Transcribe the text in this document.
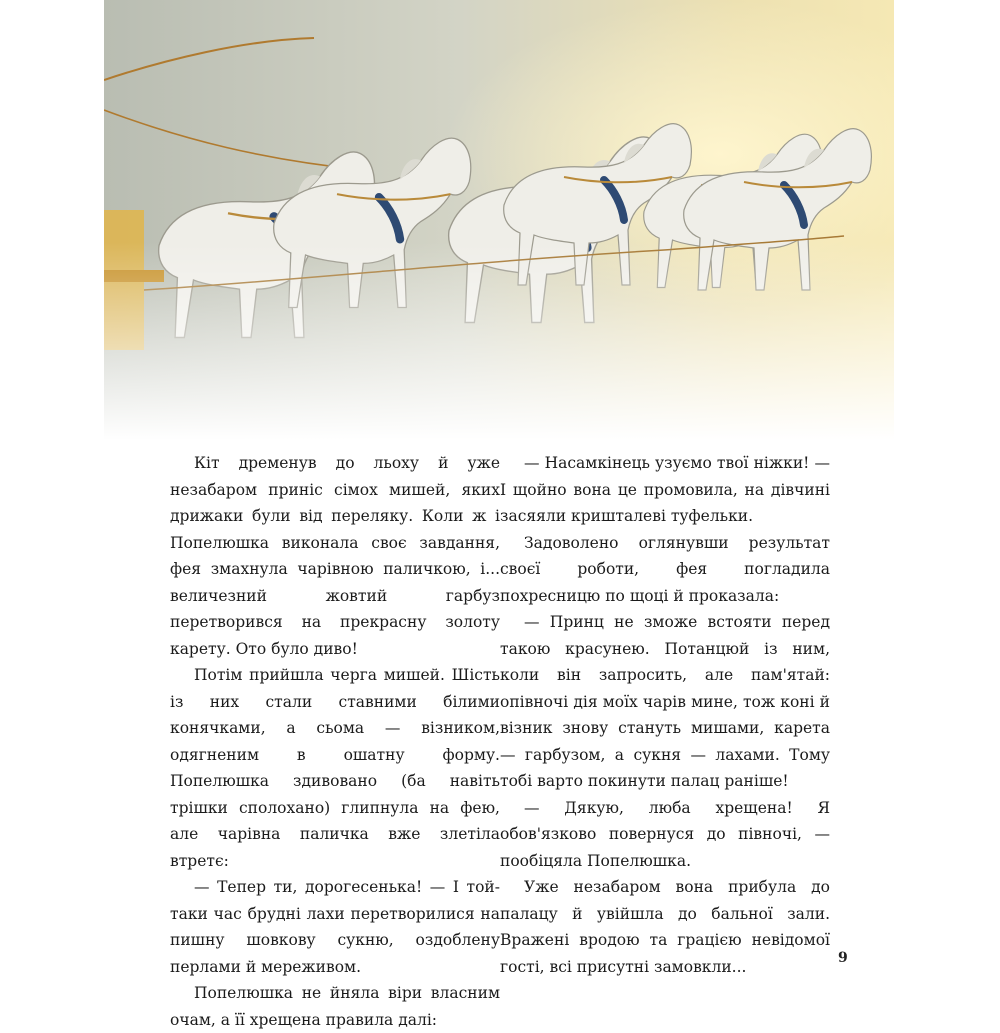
Кіт дременув до льоху й уже незабаром приніс сімох мишей, яких дрижаки були від переляку. Коли ж і Попелюшка виконала своє завдання, фея змахнула чарівною паличкою, і... величезний жовтий гарбуз перетворився на прекрасну золоту карету. Ото було диво!

Потім прийшла черга мишей. Шість із них стали ставними білими конячками, а сьома — візником, одягненим в ошатну форму. Попелюшка здивовано (ба навіть трішки сполохано) глипнула на фею, але чарівна паличка вже злетіла втретє:

— Тепер ти, дорогесенька! — І той-таки час брудні лахи перетворилися на пишну шовкову сукню, оздоблену перлами й мереживом.

Попелюшка не йняла віри власним очам, а її хрещена правила далі:

— Насамкінець узуємо твої ніжки! — І щойно вона це промовила, на дівчині засяяли кришталеві туфельки.

Задоволено оглянувши результат своєї роботи, фея погладила похресницю по щоці й проказала:

— Принц не зможе встояти перед такою красунею. Потанцюй із ним, коли він запросить, але пам'ятай: опівночі дія моїх чарів мине, тож коні й візник знову стануть мишами, карета — гарбузом, а сукня — лахами. Тому тобі варто покинути палац раніше!

— Дякую, люба хрещена! Я обов'язково повернуся до півночі, — пообіцяла Попелюшка.

Уже незабаром вона прибула до палацу й увійшла до бальної зали. Вражені вродою та грацією невідомої гості, всі присутні замовкли...	9
